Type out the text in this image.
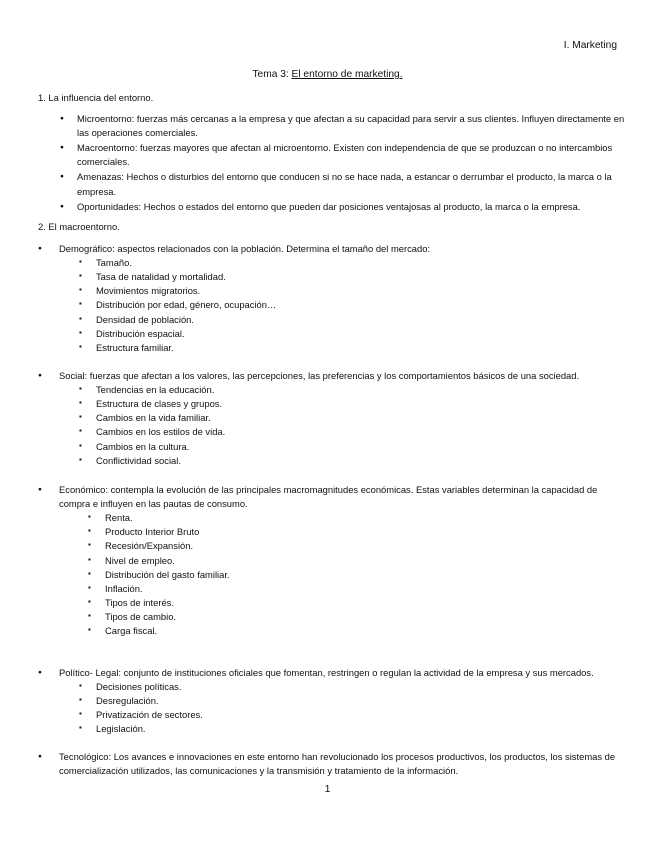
I. Marketing
Tema 3: El entorno de marketing.
1. La influencia del entorno.
● Microentorno: fuerzas más cercanas a la empresa y que afectan a su capacidad para servir a sus clientes. Influyen directamente en las operaciones comerciales.
● Macroentorno: fuerzas mayores que afectan al microentorno. Existen con independencia de que se produzcan o no intercambios comerciales.
● Amenazas: Hechos o disturbios del entorno que conducen si no se hace nada, a estancar o derrumbar el producto, la marca o la empresa.
● Oportunidades: Hechos o estados del entorno que pueden dar posiciones ventajosas al producto, la marca o la empresa.
2. El macroentorno.
● Demográfico: aspectos relacionados con la población. Determina el tamaño del mercado:
▪ Tamaño.
▪ Tasa de natalidad y mortalidad.
▪ Movimientos migratorios.
▪ Distribución por edad, género, ocupación…
▪ Densidad de población.
▪ Distribución espacial.
▪ Estructura familiar.
● Social: fuerzas que afectan a los valores, las percepciones, las preferencias y los comportamientos básicos de una sociedad.
▪ Tendencias en la educación.
▪ Estructura de clases y grupos.
▪ Cambios en la vida familiar.
▪ Cambios en los estilos de vida.
▪ Cambios en la cultura.
▪ Conflictividad social.
● Económico: contempla la evolución de las principales macromagnitudes económicas. Estas variables determinan la capacidad de compra e influyen en las pautas de consumo.
▪ Renta.
▪ Producto Interior Bruto
▪ Recesión/Expansión.
▪ Nivel de empleo.
▪ Distribución del gasto familiar.
▪ Inflación.
▪ Tipos de interés.
▪ Tipos de cambio.
▪ Carga fiscal.
● Político- Legal: conjunto de instituciones oficiales que fomentan, restringen o regulan la actividad de la empresa y sus mercados.
▪ Decisiones políticas.
▪ Desregulación.
▪ Privatización de sectores.
▪ Legislación.
● Tecnológico: Los avances e innovaciones en este entorno han revolucionado los procesos productivos, los productos, los sistemas de comercialización utilizados, las comunicaciones y la transmisión y tratamiento de la información.
1
